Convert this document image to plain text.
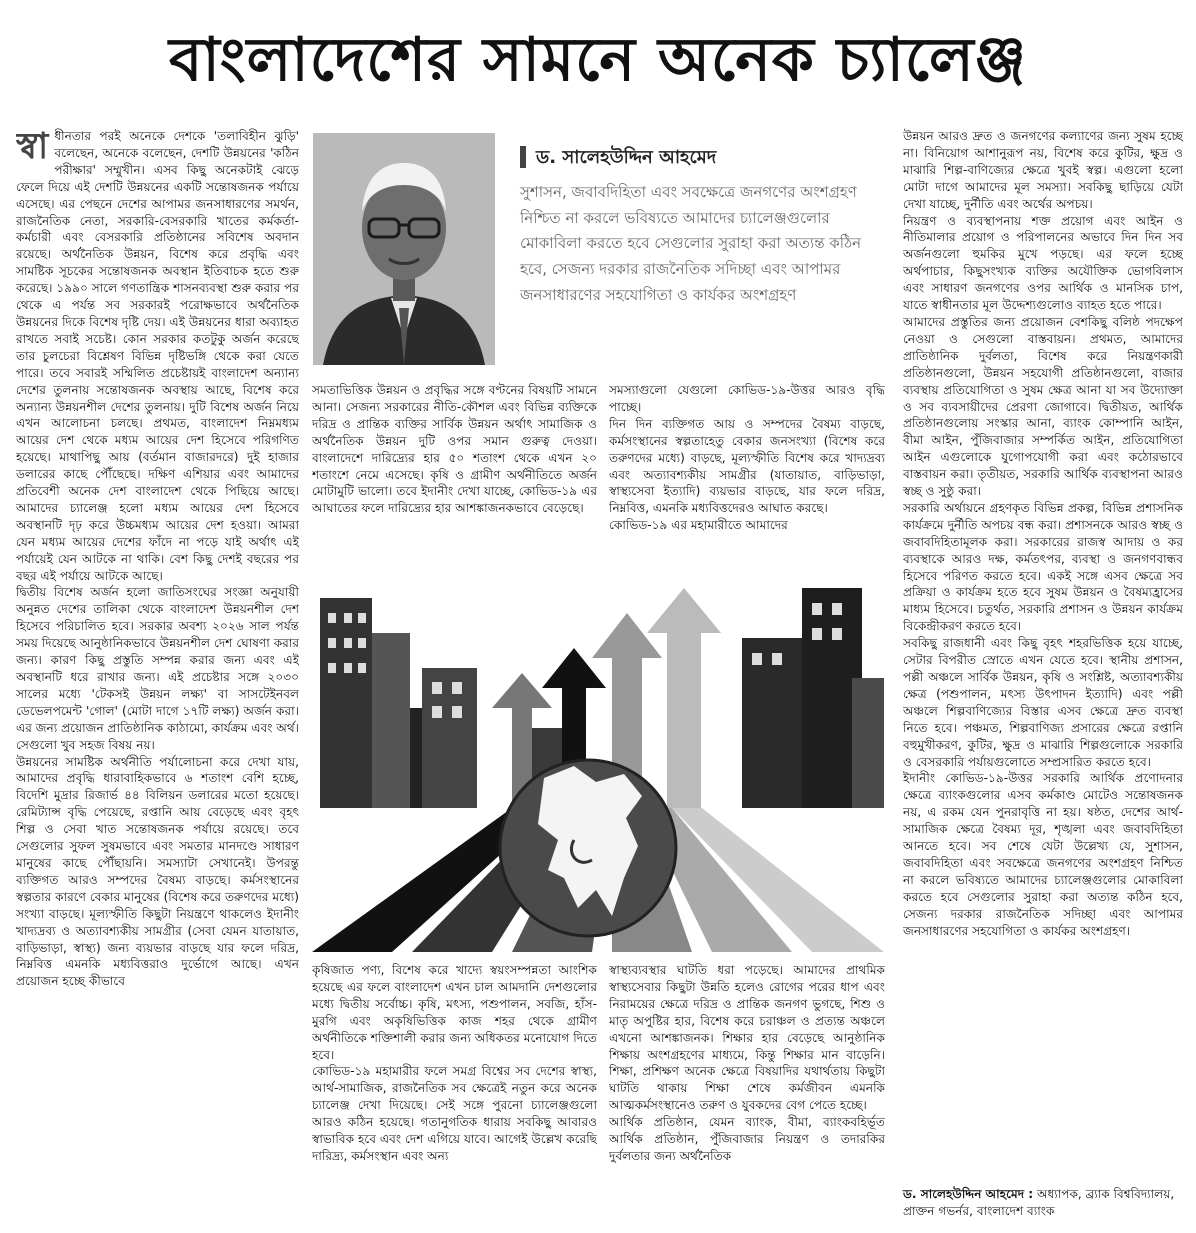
বাংলাদেশের সামনে অনেক চ্যালেঞ্জ
স্বা ধীনতার পরই অনেকে দেশকে 'তলাবিহীন ঝুড়ি' বলেছেন, অনেকে বলেছেন, দেশটি উন্নয়নের 'কঠিন পরীক্ষার' সম্মুখীন। এসব কিছু অনেকটাই ঝেড়ে ফেলে দিয়ে এই দেশটি উন্নয়নের একটি সন্তোষজনক পর্যায়ে এসেছে। এর পেছনে দেশের আপামর জনসাধারণের সমর্থন, রাজনৈতিক নেতা, সরকারি-বেসরকারি খাতের কর্মকর্তা-কর্মচারী এবং বেসরকারি প্রতিষ্ঠানের সবিশেষ অবদান রয়েছে। অর্থনৈতিক উন্নয়ন, বিশেষ করে প্রবৃদ্ধি এবং সামষ্টিক সূচকের সন্তোষজনক অবস্থান ইতিবাচক হতে শুরু করেছে। ১৯৯০ সালে গণতান্ত্রিক শাসনব্যবস্থা শুরু করার পর থেকে এ পর্যন্ত সব সরকারই পরোক্ষভাবে অর্থনৈতিক উন্নয়নের দিকে বিশেষ দৃষ্টি দেয়। এই উন্নয়নের ধারা অব্যাহত রাখতে সবাই সচেষ্ট। কোন সরকার কতটুকু অর্জন করেছে তার চুলচেরা বিশ্লেষণ বিভিন্ন দৃষ্টিভঙ্গি থেকে করা যেতে পারে। তবে সবারই সম্মিলিত প্রচেষ্টায়ই বাংলাদেশ অন্যান্য দেশের তুলনায় সন্তোষজনক অবস্থায় আছে, বিশেষ করে অন্যান্য উন্নয়নশীল দেশের তুলনায়। দুটি বিশেষ অর্জন নিয়ে এখন আলোচনা চলছে। প্রথমত, বাংলাদেশ নিম্নমধ্যম আয়ের দেশ থেকে মধ্যম আয়ের দেশ হিসেবে পরিগণিত হয়েছে। মাথাপিছু আয় (বর্তমান বাজারদরে) দুই হাজার ডলারের কাছে পৌঁছেছে। দক্ষিণ এশিয়ার এবং আমাদের প্রতিবেশী অনেক দেশ বাংলাদেশ থেকে পিছিয়ে আছে। আমাদের চ্যালেঞ্জ হলো মধ্যম আয়ের দেশ হিসেবে অবস্থানটি দৃঢ় করে উচ্চমধ্যম আয়ের দেশ হওয়া। আমরা যেন মধ্যম আয়ের দেশের ফাঁদে না পড়ে যাই অর্থাৎ এই পর্যায়েই যেন আটকে না থাকি। বেশ কিছু দেশই বছরের পর বছর এই পর্যায়ে আটকে আছে।

দ্বিতীয় বিশেষ অর্জন হলো জাতিসংঘের সংজ্ঞা অনুযায়ী অনুন্নত দেশের তালিকা থেকে বাংলাদেশ উন্নয়নশীল দেশ হিসেবে পরিচালিত হবে। সরকার অবশ্য ২০২৬ সাল পর্যন্ত সময় দিয়েছে আনুষ্ঠানিকভাবে উন্নয়নশীল দেশ ঘোষণা করার জন্য। কারণ কিছু প্রস্তুতি সম্পন্ন করার জন্য এবং এই অবস্থানটি ধরে রাখার জন্য। এই প্রচেষ্টার সঙ্গে ২০৩০ সালের মধ্যে 'টেকসই উন্নয়ন লক্ষ্য' বা সাসটেইনবল ডেভেলপমেন্ট 'গোল' (মোটা দাগে ১৭টি লক্ষ্য) অর্জন করা। এর জন্য প্রয়োজন প্রাতিষ্ঠানিক কাঠামো, কার্যক্রম এবং অর্থ। সেগুলো খুব সহজ বিষয় নয়।

উন্নয়নের সামষ্টিক অর্থনীতি পর্যালোচনা করে দেখা যায়, আমাদের প্রবৃদ্ধি ধারাবাহিকভাবে ৬ শতাংশ বেশি হচ্ছে, বিদেশি মুদ্রার রিজার্ভ ৪৪ বিলিয়ন ডলারের মতো হয়েছে। রেমিট্যান্স বৃদ্ধি পেয়েছে, রপ্তানি আয় বেড়েছে এবং বৃহৎ শিল্প ও সেবা খাত সন্তোষজনক পর্যায়ে রয়েছে। তবে সেগুলোর সুফল সুষমভাবে এবং সমতার মানদণ্ডে সাধারণ মানুষের কাছে পৌঁছায়নি। সমস্যাটা সেখানেই। উপরন্তু ব্যক্তিগত আরও সম্পদের বৈষম্য বাড়ছে। কর্মসংস্থানের স্বল্পতার কারণে বেকার মানুষের (বিশেষ করে তরুণদের মধ্যে) সংখ্যা বাড়ছে। মূল্যস্ফীতি কিছুটা নিয়ন্ত্রণে থাকলেও ইদানীং খাদ্যদ্রব্য ও অত্যাবশ্যকীয় সামগ্রীর (সেবা যেমন যাতায়াত, বাড়িভাড়া, স্বাস্থ্য) জন্য ব্যয়ভার বাড়ছে যার ফলে দরিদ্র, নিম্নবিত্ত এমনকি মধ্যবিত্তরাও দুর্ভোগে আছে। এখন প্রয়োজন হচ্ছে কীভাবে

ড. সালেহউদ্দিন আহমেদ
সুশাসন, জবাবদিহিতা এবং সবক্ষেত্রে জনগণের অংশগ্রহণ নিশ্চিত না করলে ভবিষ্যতে আমাদের চ্যালেঞ্জগুলোর মোকাবিলা করতে হবে সেগুলোর সুরাহা করা অত্যন্ত কঠিন হবে, সেজন্য দরকার রাজনৈতিক সদিচ্ছা এবং আপামর জনসাধারণের সহযোগিতা ও কার্যকর অংশগ্রহণ

সমতাভিত্তিক উন্নয়ন ও প্রবৃদ্ধির সঙ্গে বণ্টনের বিষয়টি সামনে আনা। সেজন্য সরকারের নীতি-কৌশল এবং বিভিন্ন ব্যক্তিকে দরিদ্র ও প্রান্তিক ব্যক্তির সার্বিক উন্নয়ন অর্থাৎ সামাজিক ও অর্থনৈতিক উন্নয়ন দুটি ওপর সমান গুরুত্ব দেওয়া। বাংলাদেশে দারিদ্র্যের হার ৫০ শতাংশ থেকে এখন ২০ শতাংশে নেমে এসেছে। কৃষি ও গ্রামীণ অর্থনীতিতে অর্জন মোটামুটি ভালো। তবে ইদানীং দেখা যাচ্ছে, কোভিড-১৯ এর আঘাতের ফলে দারিদ্র্যের হার আশঙ্কাজনকভাবে বেড়েছে।

সমস্যাগুলো যেগুলো কোভিড-১৯-উত্তর আরও বৃদ্ধি পাচ্ছে।

দিন দিন ব্যক্তিগত আয় ও সম্পদের বৈষম্য বাড়ছে, কর্মসংস্থানের স্বল্পতাহেতু বেকার জনসংখ্যা (বিশেষ করে তরুণদের মধ্যে) বাড়ছে, মূল্যস্ফীতি বিশেষ করে খাদ্যদ্রব্য এবং অত্যাবশ্যকীয় সামগ্রীর (যাতায়াত, বাড়িভাড়া, স্বাস্থ্যসেবা ইত্যাদি) ব্যয়ভার বাড়ছে, যার ফলে দরিদ্র, নিম্নবিত্ত, এমনকি মধ্যবিত্তদেরও আঘাত করছে।

কোভিড-১৯ এর মহামারীতে আমাদের

কৃষিজাত পণ্য, বিশেষ করে খাদ্যে স্বয়ংসম্পন্নতা আংশিক হয়েছে এর ফলে বাংলাদেশ এখন চাল আমদানি দেশগুলোর মধ্যে দ্বিতীয় সর্বোচ্চ। কৃষি, মৎস্য, পশুপালন, সবজি, হাঁস-মুরগি এবং অকৃষিভিত্তিক কাজ শহর থেকে গ্রামীণ অর্থনীতিকে শক্তিশালী করার জন্য অধিকতর মনোযোগ দিতে হবে।

কোভিড-১৯ মহামারীর ফলে সমগ্র বিশ্বের সব দেশের স্বাস্থ্য, আর্থ-সামাজিক, রাজনৈতিক সব ক্ষেত্রেই নতুন করে অনেক চ্যালেঞ্জ দেখা দিয়েছে। সেই সঙ্গে পুরনো চ্যালেঞ্জগুলো আরও কঠিন হয়েছে। গতানুগতিক ধারায় সবকিছু আবারও স্বাভাবিক হবে এবং দেশ এগিয়ে যাবে। আগেই উল্লেখ করেছি দারিদ্র্য, কর্মসংস্থান এবং অন্য

স্বাস্থ্যব্যবস্থার ঘাটতি ধরা পড়েছে। আমাদের প্রাথমিক স্বাস্থ্যসেবার কিছুটা উন্নতি হলেও রোগের পরের ধাপ এবং নিরাময়ের ক্ষেত্রে দরিদ্র ও প্রান্তিক জনগণ ভুগছে, শিশু ও মাতৃ অপুষ্টির হার, বিশেষ করে চরাঞ্চল ও প্রত্যন্ত অঞ্চলে এখনো আশঙ্কাজনক। শিক্ষার হার বেড়েছে আনুষ্ঠানিক শিক্ষায় অংশগ্রহণের মাধ্যমে, কিন্তু শিক্ষার মান বাড়েনি। শিক্ষা, প্রশিক্ষণ অনেক ক্ষেত্রে বিষয়াদির যথার্থতায় কিছুটা ঘাটতি থাকায় শিক্ষা শেষে কর্মজীবন এমনকি আত্মকর্মসংস্থানেও তরুণ ও যুবকদের বেগ পেতে হচ্ছে।

আর্থিক প্রতিষ্ঠান, যেমন ব্যাংক, বীমা, ব্যাংকবহির্ভূত আর্থিক প্রতিষ্ঠান, পুঁজিবাজার নিয়ন্ত্রণ ও তদারকির দুর্বলতার জন্য অর্থনৈতিক

উন্নয়ন আরও দ্রুত ও জনগণের কল্যাণের জন্য সুষম হচ্ছে না। বিনিয়োগ আশানুরূপ নয়, বিশেষ করে কুটির, ক্ষুদ্র ও মাঝারি শিল্প-বাণিজ্যের ক্ষেত্রে খুবই স্বল্প। এগুলো হলো মোটা দাগে আমাদের মূল সমস্যা। সবকিছু ছাড়িয়ে যেটা দেখা যাচ্ছে, দুর্নীতি এবং অর্থের অপচয়।

নিয়ন্ত্রণ ও ব্যবস্থাপনায় শক্ত প্রয়োগ এবং আইন ও নীতিমালার প্রয়োগ ও পরিপালনের অভাবে দিন দিন সব অর্জনগুলো হুমকির মুখে পড়ছে। এর ফলে হচ্ছে অর্থপাচার, কিছুসংখ্যক ব্যক্তির অযৌক্তিক ভোগবিলাস এবং সাধারণ জনগণের ওপর আর্থিক ও মানসিক চাপ, যাতে স্বাধীনতার মূল উদ্দেশ্যগুলোও ব্যাহত হতে পারে।

আমাদের প্রস্তুতির জন্য প্রয়োজন বেশকিছু বলিষ্ঠ পদক্ষেপ নেওয়া ও সেগুলো বাস্তবায়ন। প্রথমত, আমাদের প্রাতিষ্ঠানিক দুর্বলতা, বিশেষ করে নিয়ন্ত্রণকারী প্রতিষ্ঠানগুলো, উন্নয়ন সহযোগী প্রতিষ্ঠানগুলো, বাজার ব্যবস্থায় প্রতিযোগিতা ও সুষম ক্ষেত্র আনা যা সব উদ্যোক্তা ও সব ব্যবসায়ীদের প্রেরণা জোগাবে। দ্বিতীয়ত, আর্থিক প্রতিষ্ঠানগুলোয় সংস্কার আনা, ব্যাংক কোম্পানি আইন, বীমা আইন, পুঁজিবাজার সম্পর্কিত আইন, প্রতিযোগিতা আইন এগুলোকে যুগোপযোগী করা এবং কঠোরভাবে বাস্তবায়ন করা। তৃতীয়ত, সরকারি আর্থিক ব্যবস্থাপনা আরও স্বচ্ছ ও সুষ্ঠু করা।

সরকারি অর্থায়নে গ্রহণকৃত বিভিন্ন প্রকল্প, বিভিন্ন প্রশাসনিক কার্যক্রমে দুর্নীতি অপচয় বন্ধ করা। প্রশাসনকে আরও স্বচ্ছ ও জবাবদিহিতামূলক করা। সরকারের রাজস্ব আদায় ও কর ব্যবস্থাকে আরও দক্ষ, কর্মতৎপর, ব্যবস্থা ও জনগণবান্ধব হিসেবে পরিণত করতে হবে। একই সঙ্গে এসব ক্ষেত্রে সব প্রক্রিয়া ও কার্যক্রম হতে হবে সুষম উন্নয়ন ও বৈষম্যহ্রাসের মাধ্যম হিসেবে। চতুর্থত, সরকারি প্রশাসন ও উন্নয়ন কার্যক্রম বিকেন্দ্রীকরণ করতে হবে।

সবকিছু রাজধানী এবং কিছু বৃহৎ শহরভিত্তিক হয়ে যাচ্ছে, সেটার বিপরীত স্রোতে এখন যেতে হবে। স্থানীয় প্রশাসন, পল্লী অঞ্চলে সার্বিক উন্নয়ন, কৃষি ও সংশ্লিষ্ট, অত্যাবশ্যকীয় ক্ষেত্র (পশুপালন, মৎস্য উৎপাদন ইত্যাদি) এবং পল্লী অঞ্চলে শিল্পবাণিজ্যের বিস্তার এসব ক্ষেত্রে দ্রুত ব্যবস্থা নিতে হবে। পঞ্চমত, শিল্পবাণিজ্য প্রসারের ক্ষেত্রে রপ্তানি বহুমুখীকরণ, কুটির, ক্ষুদ্র ও মাঝারি শিল্পগুলোকে সরকারি ও বেসরকারি পর্যায়গুলোতে সম্প্রসারিত করতে হবে।

ইদানীং কোভিড-১৯-উত্তর সরকারি আর্থিক প্রণোদনার ক্ষেত্রে ব্যাংকগুলোর এসব কর্মকাণ্ড মোটেও সন্তোষজনক নয়, এ রকম যেন পুনরাবৃত্তি না হয়। ষষ্ঠত, দেশের আর্থ-সামাজিক ক্ষেত্রে বৈষম্য দূর, শৃঙ্খলা এবং জবাবদিহিতা আনতে হবে। সব শেষে যেটা উল্লেখ্য যে, সুশাসন, জবাবদিহিতা এবং সবক্ষেত্রে জনগণের অংশগ্রহণ নিশ্চিত না করলে ভবিষ্যতে আমাদের চ্যালেঞ্জগুলোর মোকাবিলা করতে হবে সেগুলোর সুরাহা করা অত্যন্ত কঠিন হবে, সেজন্য দরকার রাজনৈতিক সদিচ্ছা এবং আপামর জনসাধারণের সহযোগিতা ও কার্যকর অংশগ্রহণ।

ড. সালেহউদ্দিন আহমেদ : অধ্যাপক, ব্র্যাক বিশ্ববিদ্যালয়, প্রাক্তন গভর্নর, বাংলাদেশ ব্যাংক
